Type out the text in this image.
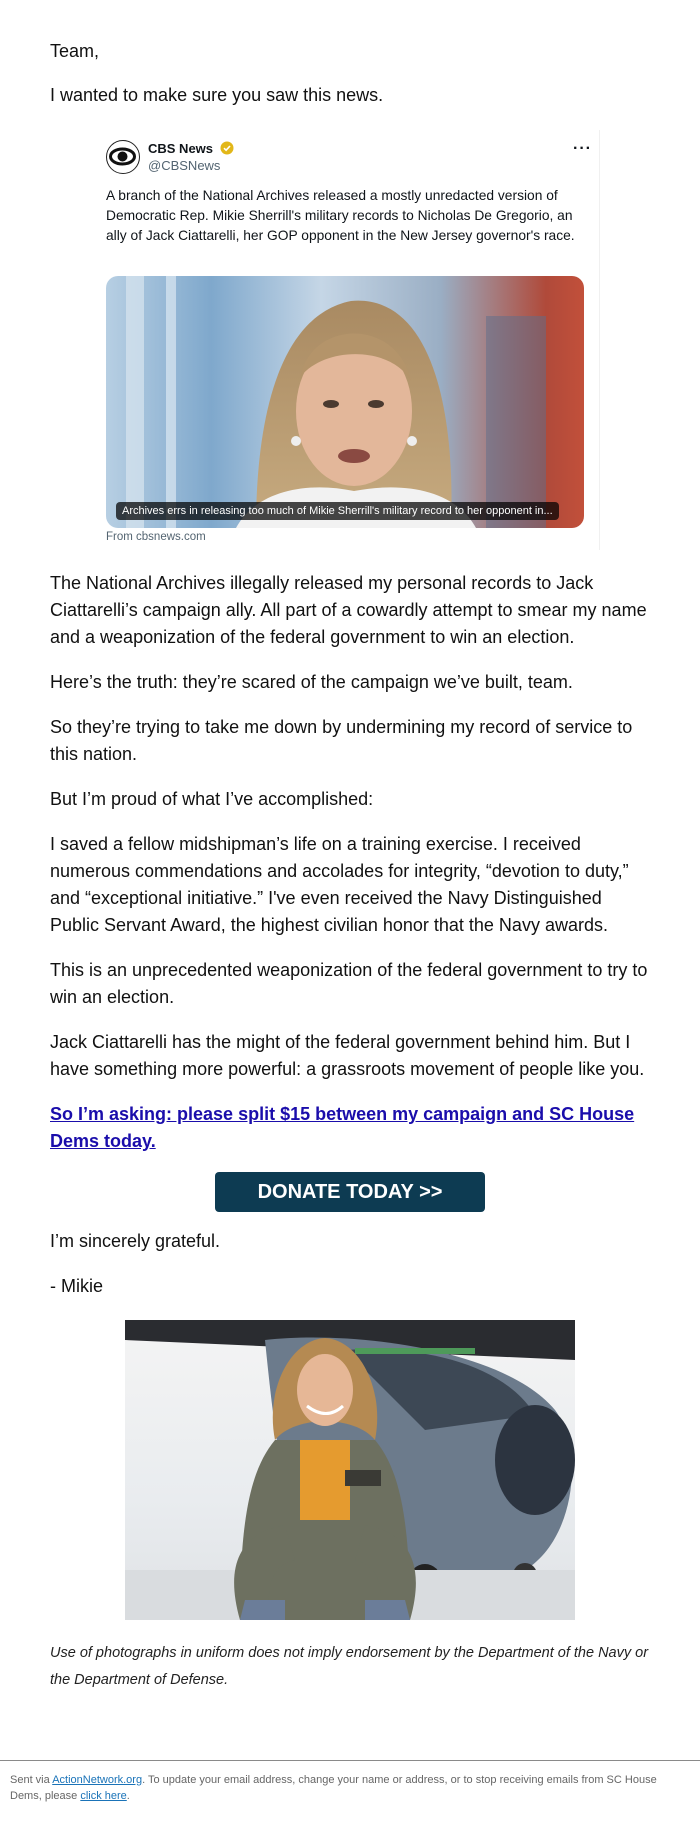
Team,

I wanted to make sure you saw this news.

CBS News
@CBSNews
···
A branch of the National Archives released a mostly unredacted version of Democratic Rep. Mikie Sherrill's military records to Nicholas De Gregorio, an ally of Jack Ciattarelli, her GOP opponent in the New Jersey governor's race.
Archives errs in releasing too much of Mikie Sherrill's military record to her opponent in...
From cbsnews.com

The National Archives illegally released my personal records to Jack Ciattarelli’s campaign ally. All part of a cowardly attempt to smear my name and a weaponization of the federal government to win an election.

Here’s the truth: they’re scared of the campaign we’ve built, team.

So they’re trying to take me down by undermining my record of service to this nation.

But I’m proud of what I’ve accomplished:

I saved a fellow midshipman’s life on a training exercise. I received numerous commendations and accolades for integrity, “devotion to duty,” and “exceptional initiative.” I've even received the Navy Distinguished Public Servant Award, the highest civilian honor that the Navy awards.

This is an unprecedented weaponization of the federal government to try to win an election.

Jack Ciattarelli has the might of the federal government behind him. But I have something more powerful: a grassroots movement of people like you.

So I’m asking: please split $15 between my campaign and SC House Dems today.
DONATE TODAY >>

I’m sincerely grateful.

- Mikie

Use of photographs in uniform does not imply endorsement by the Department of the Navy or the Department of Defense.

Sent via ActionNetwork.org. To update your email address, change your name or address, or to stop receiving emails from SC House Dems, please click here.
